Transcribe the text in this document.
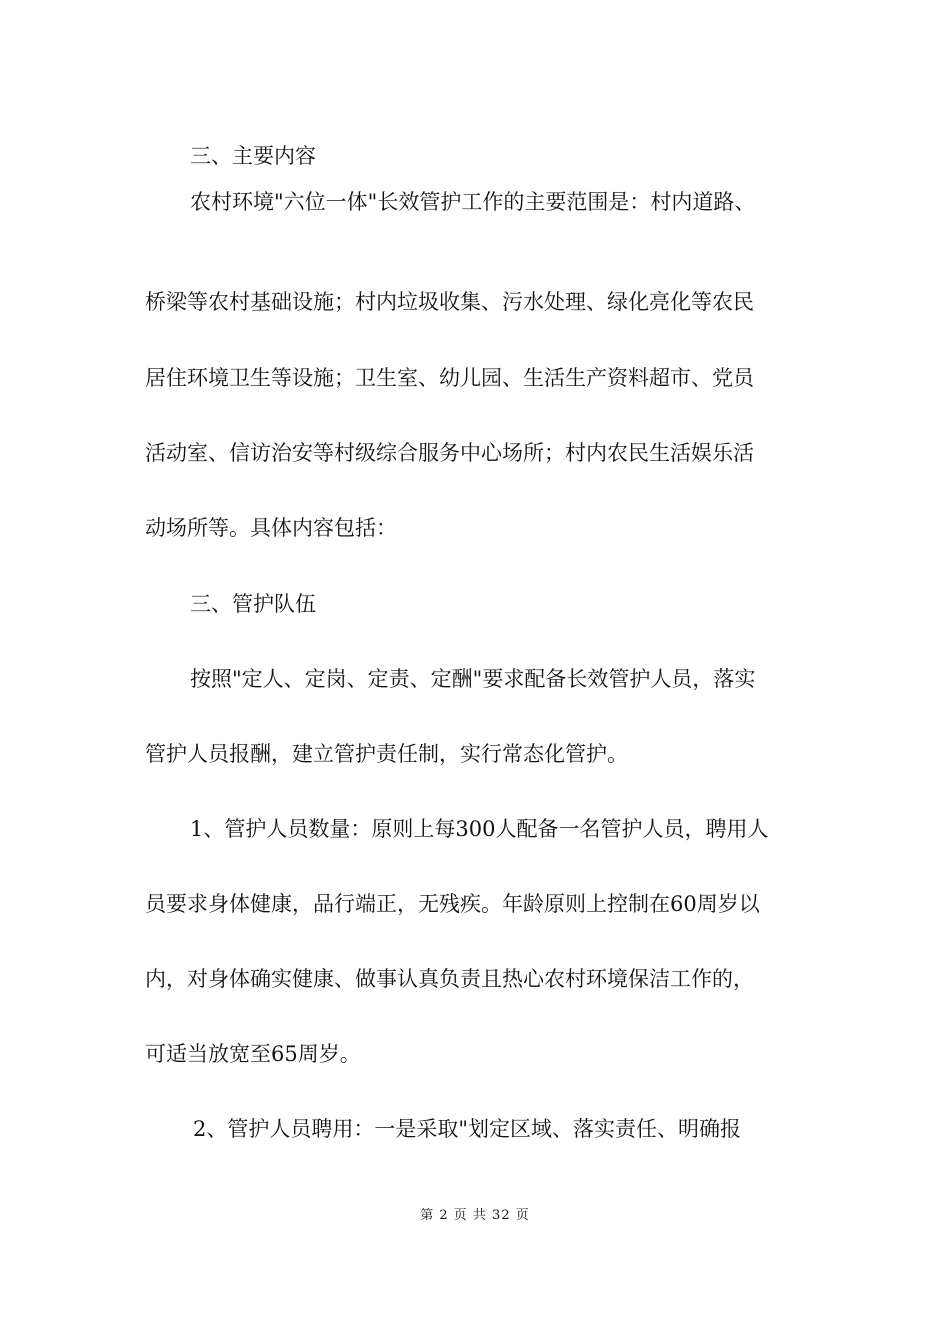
三、主要内容
农村环境"六位一体"长效管护工作的主要范围是：村内道路、
桥梁等农村基础设施；村内垃圾收集、污水处理、绿化亮化等农民
居住环境卫生等设施；卫生室、幼儿园、生活生产资料超市、党员
活动室、信访治安等村级综合服务中心场所；村内农民生活娱乐活
动场所等。具体内容包括：
三、管护队伍
按照"定人、定岗、定责、定酬"要求配备长效管护人员，落实
管护人员报酬，建立管护责任制，实行常态化管护。
1、管护人员数量：原则上每300人配备一名管护人员，聘用人
员要求身体健康，品行端正，无残疾。年龄原则上控制在60周岁以
内，对身体确实健康、做事认真负责且热心农村环境保洁工作的，
可适当放宽至65周岁。
2、管护人员聘用：一是采取"划定区域、落实责任、明确报
第 2 页 共 32 页
